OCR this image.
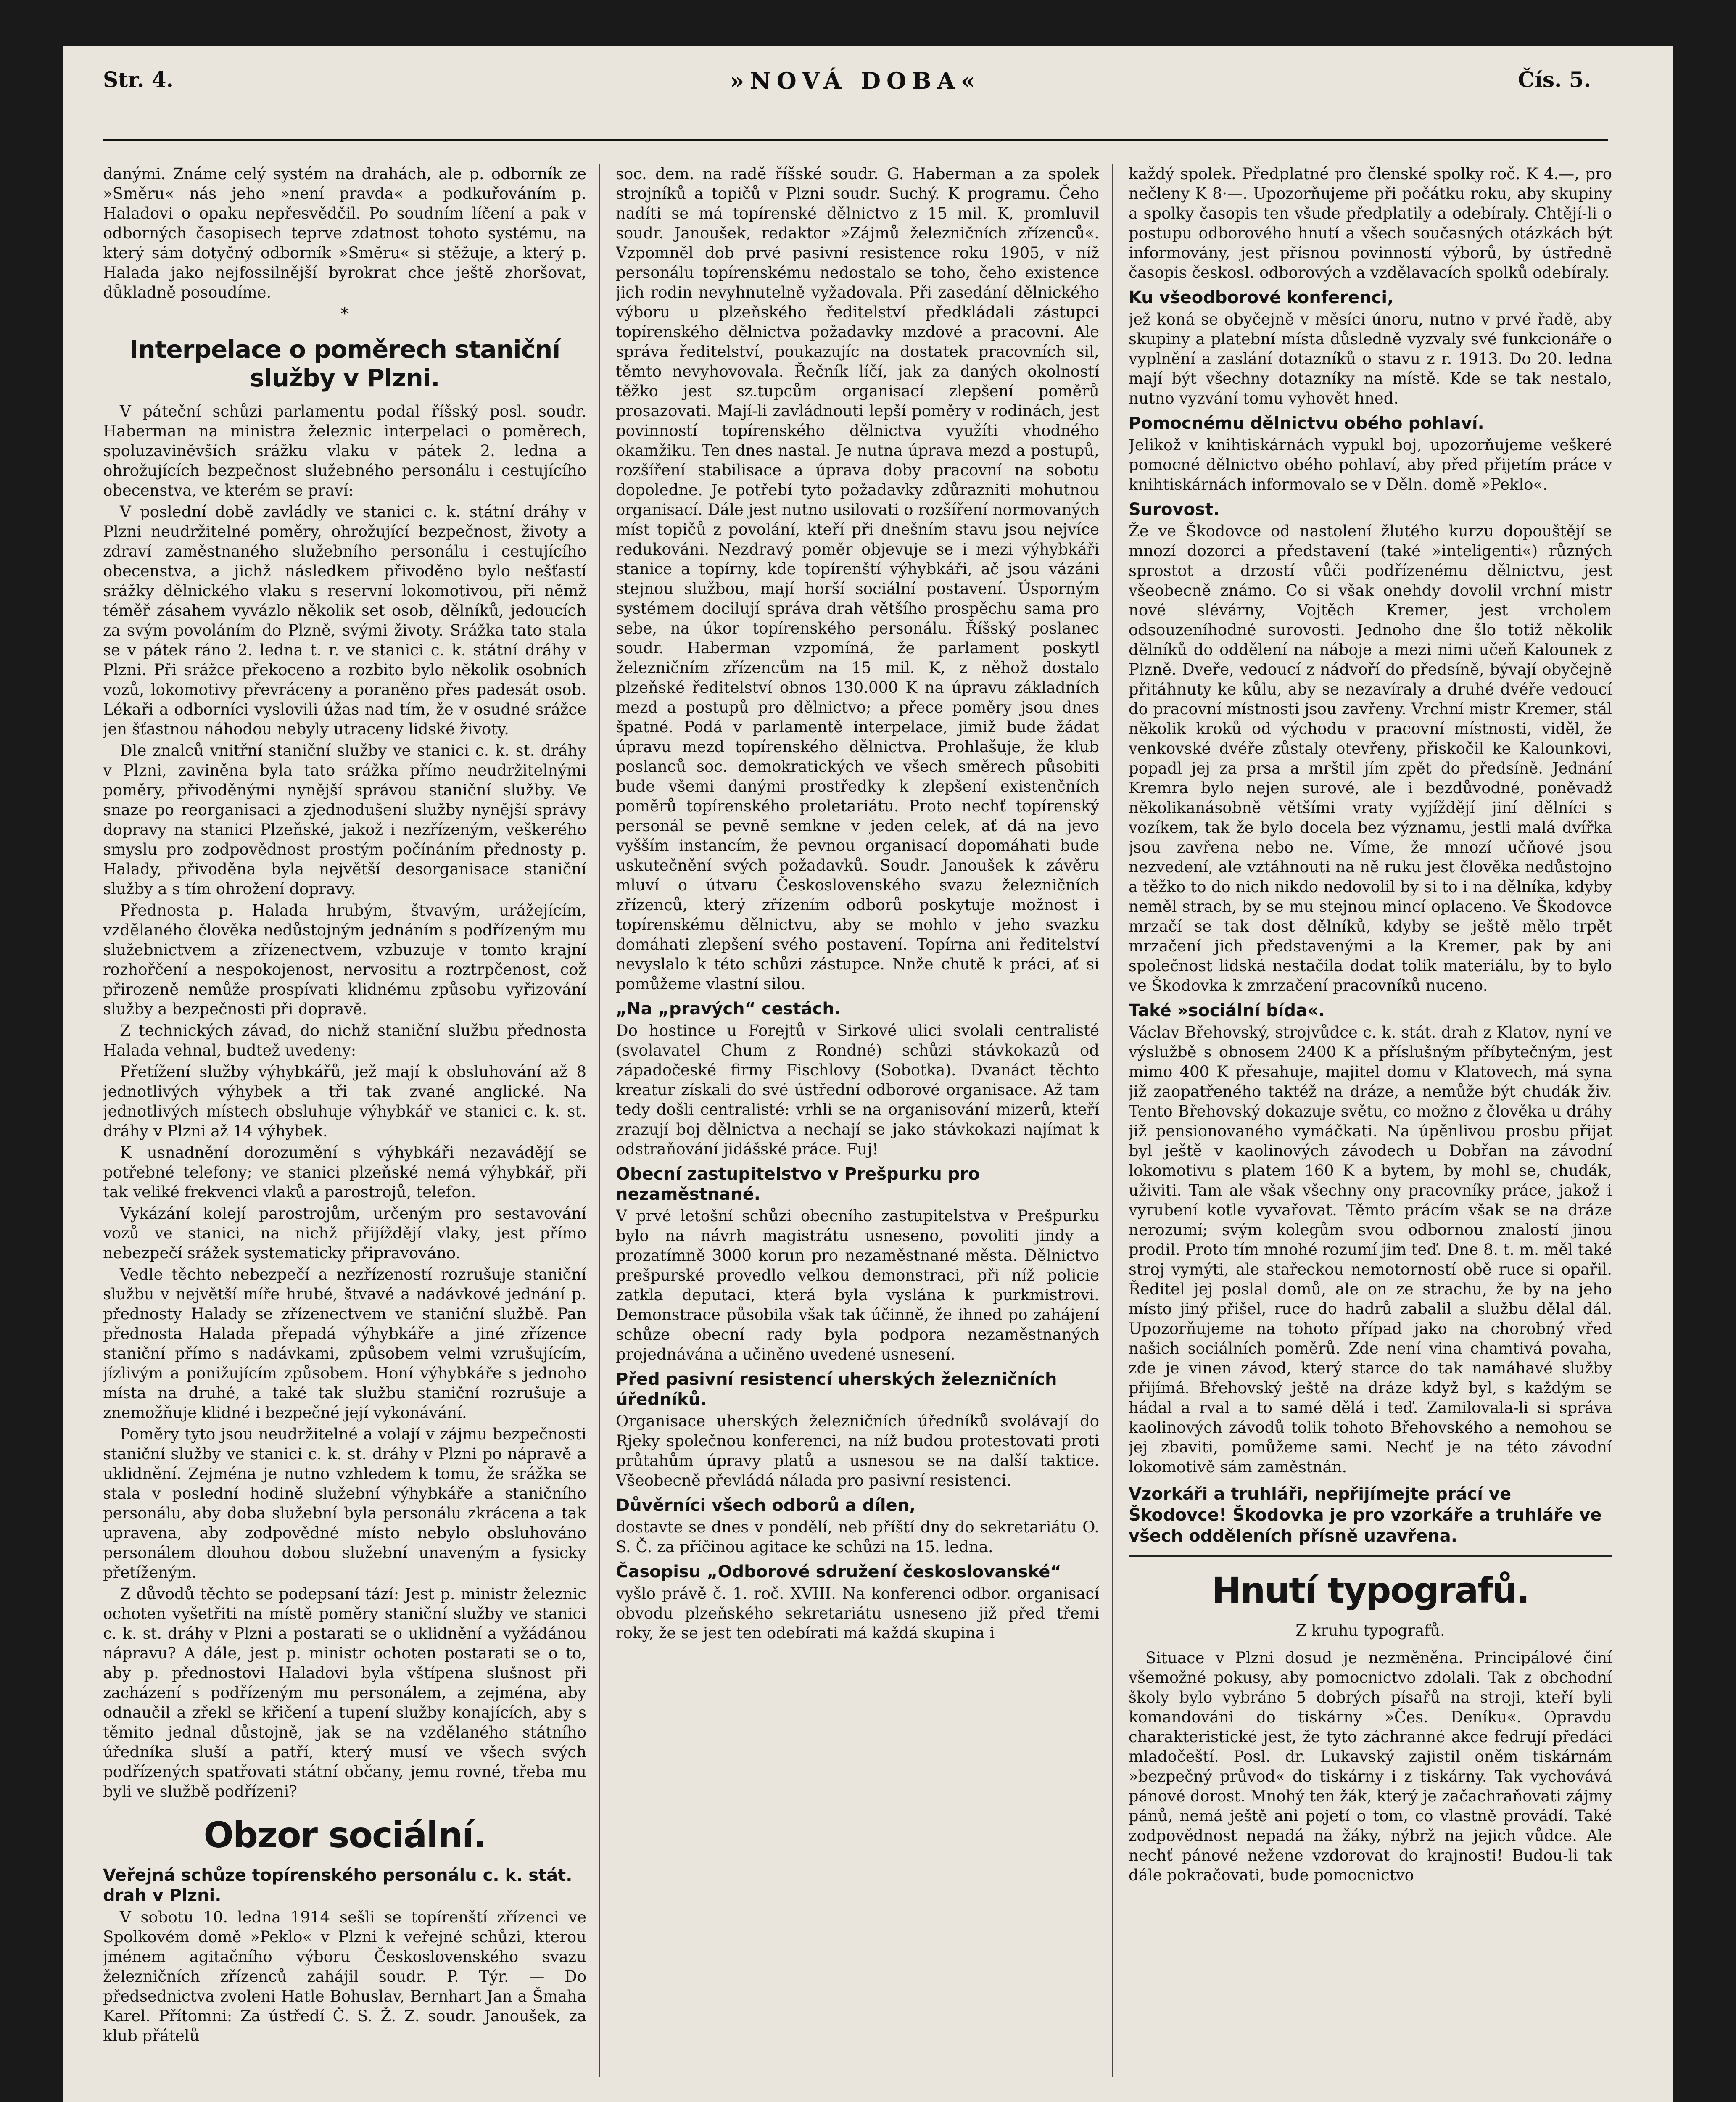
Str. 4.	»NOVÁ DOBA«	Čís. 5.

danými. Známe celý systém na drahách, ale p. odborník ze »Směru« nás jeho »není pravda« a podkuřováním p. Haladovi o opaku nepřesvědčil. Po soudním líčení a pak v odborných časopisech teprve zdatnost tohoto systému, na který sám dotyčný odborník »Směru« si stěžuje, a který p. Halada jako nejfossilnější byrokrat chce ještě zhoršovat, důkladně posoudíme.

*
Interpelace o poměrech staniční služby v Plzni.

V páteční schůzi parlamentu podal říšský posl. soudr. Haberman na ministra železnic interpelaci o poměrech, spoluzaviněvších srážku vlaku v pátek 2. ledna a ohrožujících bezpečnost služebného personálu i cestujícího obecenstva, ve kterém se praví:

V poslední době zavládly ve stanici c. k. státní dráhy v Plzni neudržitelné poměry, ohrožující bezpečnost, životy a zdraví zaměstnaného služebního personálu i cestujícího obecenstva, a jichž následkem přivoděno bylo nešťastí srážky dělnického vlaku s reservní lokomotivou, při němž téměř zásahem vyvázlo několik set osob, dělníků, jedoucích za svým povoláním do Plzně, svými životy. Srážka tato stala se v pátek ráno 2. ledna t. r. ve stanici c. k. státní dráhy v Plzni. Při srážce překoceno a rozbito bylo několik osobních vozů, lokomotivy převráceny a poraněno přes padesát osob. Lékaři a odborníci vyslovili úžas nad tím, že v osudné srážce jen šťastnou náhodou nebyly utraceny lidské životy.

Dle znalců vnitřní staniční služby ve stanici c. k. st. dráhy v Plzni, zaviněna byla tato srážka přímo neudržitelnými poměry, přivoděnými nynější správou staniční služby. Ve snaze po reorganisaci a zjednodušení služby nynější správy dopravy na stanici Plzeňské, jakož i nezřízeným, veškerého smyslu pro zodpovědnost prostým počínáním přednosty p. Halady, přivoděna byla největší desorganisace staniční služby a s tím ohrožení dopravy.

Přednosta p. Halada hrubým, štvavým, urážejícím, vzdělaného člověka nedůstojným jednáním s podřízeným mu služebnictvem a zřízenectvem, vzbuzuje v tomto krajní rozhořčení a nespokojenost, nervositu a roztrpčenost, což přirozeně nemůže prospívati klidnému způsobu vyřizování služby a bezpečnosti při dopravě.

Z technických závad, do nichž staniční službu přednosta Halada vehnal, budtež uvedeny:

Přetížení služby výhybkářů, jež mají k obsluhování až 8 jednotlivých výhybek a tři tak zvané anglické. Na jednotlivých místech obsluhuje výhybkář ve stanici c. k. st. dráhy v Plzni až 14 výhybek.

K usnadnění dorozumění s výhybkáři nezavádějí se potřebné telefony; ve stanici plzeňské nemá výhybkář, při tak veliké frekvenci vlaků a parostrojů, telefon.

Vykázání kolejí parostrojům, určeným pro sestavování vozů ve stanici, na nichž přijíždějí vlaky, jest přímo nebezpečí srážek systematicky připravováno.

Vedle těchto nebezpečí a nezřízeností rozrušuje staniční službu v největší míře hrubé, štvavé a nadávkové jednání p. přednosty Halady se zřízenectvem ve staniční službě. Pan přednosta Halada přepadá výhybkáře a jiné zřízence staniční přímo s nadávkami, způsobem velmi vzrušujícím, jízlivým a ponižujícím způsobem. Honí výhybkáře s jednoho místa na druhé, a také tak službu staniční rozrušuje a znemožňuje klidné i bezpečné její vykonávání.

Poměry tyto jsou neudržitelné a volají v zájmu bezpečnosti staniční služby ve stanici c. k. st. dráhy v Plzni po nápravě a uklidnění. Zejména je nutno vzhledem k tomu, že srážka se stala v poslední hodině služební výhybkáře a staničního personálu, aby doba služební byla personálu zkrácena a tak upravena, aby zodpovědné místo nebylo obsluhováno personálem dlouhou dobou služební unaveným a fysicky přetíženým.

Z důvodů těchto se podepsaní tází: Jest p. ministr železnic ochoten vyšetřiti na místě poměry staniční služby ve stanici c. k. st. dráhy v Plzni a postarati se o uklidnění a vyžádánou nápravu? A dále, jest p. ministr ochoten postarati se o to, aby p. přednostovi Haladovi byla vštípena slušnost při zacházení s podřízeným mu personálem, a zejména, aby odnaučil a zřekl se křičení a tupení služby konajících, aby s těmito jednal důstojně, jak se na vzdělaného státního úředníka sluší a patří, který musí ve všech svých podřízených spatřovati státní občany, jemu rovné, třeba mu byli ve službě podřízeni?

Obzor sociální.
Veřejná schůze topírenského personálu c. k. stát. drah v Plzni.

V sobotu 10. ledna 1914 sešli se topírenští zřízenci ve Spolkovém domě »Peklo« v Plzni k veřejné schůzi, kterou jménem agitačního výboru Československého svazu železničních zřízenců zahájil soudr. P. Týr. — Do předsednictva zvoleni Hatle Bohuslav, Bernhart Jan a Šmaha Karel. Přítomni: Za ústředí Č. S. Ž. Z. soudr. Janoušek, za klub přátelů

soc. dem. na radě říšské soudr. G. Haberman a za spolek strojníků a topičů v Plzni soudr. Suchý. K programu. Čeho nadíti se má topírenské dělnictvo z 15 mil. K, promluvil soudr. Janoušek, redaktor »Zájmů železničních zřízenců«. Vzpomněl dob prvé pasivní resistence roku 1905, v níž personálu topírenskému nedostalo se toho, čeho existence jich rodin nevyhnutelně vyžadovala. Při zasedání dělnického výboru u plzeňského ředitelství předkládali zástupci topírenského dělnictva požadavky mzdové a pracovní. Ale správa ředitelství, poukazujíc na dostatek pracovních sil, těmto nevyhovovala. Řečník líčí, jak za daných okolností těžko jest sz.tupcům organisací zlepšení poměrů prosazovati. Mají-li zavládnouti lepší poměry v rodinách, jest povinností topírenského dělnictva využíti vhodného okamžiku. Ten dnes nastal. Je nutna úprava mezd a postupů, rozšíření stabilisace a úprava doby pracovní na sobotu dopoledne. Je potřebí tyto požadavky zdůrazniti mohutnou organisací. Dále jest nutno usilovati o rozšíření normovaných míst topičů z povolání, kteří při dnešním stavu jsou nejvíce redukováni. Nezdravý poměr objevuje se i mezi výhybkáři stanice a topírny, kde topírenští výhybkáři, ač jsou vázáni stejnou službou, mají horší sociální postavení. Úsporným systémem docilují správa drah většího prospěchu sama pro sebe, na úkor topírenského personálu. Říšský poslanec soudr. Haberman vzpomíná, že parlament poskytl železničním zřízencům na 15 mil. K, z něhož dostalo plzeňské ředitelství obnos 130.000 K na úpravu základních mezd a postupů pro dělnictvo; a přece poměry jsou dnes špatné. Podá v parlamentě interpelace, jimiž bude žádat úpravu mezd topírenského dělnictva. Prohlašuje, že klub poslanců soc. demokratických ve všech směrech působiti bude všemi danými prostředky k zlepšení existenčních poměrů topírenského proletariátu. Proto nechť topírenský personál se pevně semkne v jeden celek, ať dá na jevo vyšším instancím, že pevnou organisací dopomáhati bude uskutečnění svých požadavků. Soudr. Janoušek k závěru mluví o útvaru Československého svazu železničních zřízenců, který zřízením odborů poskytuje možnost i topírenskému dělnictvu, aby se mohlo v jeho svazku domáhati zlepšení svého postavení. Topírna ani ředitelství nevyslalo k této schůzi zástupce. Nnže chutě k práci, ať si pomůžeme vlastní silou.

„Na „pravých“ cestách.

Do hostince u Forejtů v Sirkové ulici svolali centralisté (svolavatel Chum z Rondné) schůzi stávkokazů od západočeské firmy Fischlovy (Sobotka). Dvanáct těchto kreatur získali do své ústřední odborové organisace. Až tam tedy došli centralisté: vrhli se na organisování mizerů, kteří zrazují boj dělnictva a nechají se jako stávkokazi najímat k odstraňování jidášské práce. Fuj!

Obecní zastupitelstvo v Prešpurku pro nezaměstnané.

V prvé letošní schůzi obecního zastupitelstva v Prešpurku bylo na návrh magistrátu usneseno, povoliti jindy a prozatímně 3000 korun pro nezaměstnané města. Dělnictvo prešpurské provedlo velkou demonstraci, při níž policie zatkla deputaci, která byla vyslána k purkmistrovi. Demonstrace působila však tak účinně, že ihned po zahájení schůze obecní rady byla podpora nezaměstnaných projednávána a učiněno uvedené usnesení.

Před pasivní resistencí uherských železničních úředníků.

Organisace uherských železničních úředníků svolávají do Rjeky společnou konferenci, na níž budou protestovati proti průtahům úpravy platů a usnesou se na další taktice. Všeobecně převládá nálada pro pasivní resistenci.

Důvěrníci všech odborů a dílen,

dostavte se dnes v pondělí, neb příští dny do sekretariátu O. S. Č. za příčinou agitace ke schůzi na 15. ledna.

Časopisu „Odborové sdružení českoslovanské“

vyšlo právě č. 1. roč. XVIII. Na konferenci odbor. organisací obvodu plzeňského sekretariátu usneseno již před třemi roky, že se jest ten odebírati má každá skupina i

každý spolek. Předplatné pro členské spolky roč. K 4.—, pro nečleny K 8·—. Upozorňujeme při počátku roku, aby skupiny a spolky časopis ten všude předplatily a odebíraly. Chtějí-li o postupu odborového hnutí a všech současných otázkách být informovány, jest přísnou povinností výborů, by ústředně časopis českosl. odborových a vzdělavacích spolků odebíraly.

Ku všeodborové konferenci,

jež koná se obyčejně v měsíci únoru, nutno v prvé řadě, aby skupiny a platební místa důsledně vyzvaly své funkcionáře o vyplnění a zaslání dotazníků o stavu z r. 1913. Do 20. ledna mají být všechny dotazníky na místě. Kde se tak nestalo, nutno vyzvání tomu vyhovět hned.

Pomocnému dělnictvu obého pohlaví.

Jelikož v knihtiskárnách vypukl boj, upozorňujeme veškeré pomocné dělnictvo obého pohlaví, aby před přijetím práce v knihtiskárnách informovalo se v Děln. domě »Peklo«.

Surovost.

Že ve Škodovce od nastolení žlutého kurzu dopouštějí se mnozí dozorci a představení (také »inteligenti«) různých sprostot a drzostí vůči podřízenému dělnictvu, jest všeobecně známo. Co si však onehdy dovolil vrchní mistr nové slévárny, Vojtěch Kremer, jest vrcholem odsouzeníhodné surovosti. Jednoho dne šlo totiž několik dělníků do oddělení na náboje a mezi nimi učeň Kalounek z Plzně. Dveře, vedoucí z nádvoří do předsíně, bývají obyčejně přitáhnuty ke kůlu, aby se nezavíraly a druhé dvéře vedoucí do pracovní místnosti jsou zavřeny. Vrchní mistr Kremer, stál několik kroků od východu v pracovní místnosti, viděl, že venkovské dvéře zůstaly otevřeny, přiskočil ke Kalounkovi, popadl jej za prsa a mrštil jím zpět do předsíně. Jednání Kremra bylo nejen surové, ale i bezdůvodné, poněvadž několikanásobně většími vraty vyjíždějí jiní dělníci s vozíkem, tak že bylo docela bez významu, jestli malá dvířka jsou zavřena nebo ne. Víme, že mnozí učňové jsou nezvedení, ale vztáhnouti na ně ruku jest člověka nedůstojno a těžko to do nich nikdo nedovolil by si to i na dělníka, kdyby neměl strach, by se mu stejnou mincí oplaceno. Ve Škodovce mrzačí se tak dost dělníků, kdyby se ještě mělo trpět mrzačení jich představenými a la Kremer, pak by ani společnost lidská nestačila dodat tolik materiálu, by to bylo ve Škodovka k zmrzačení pracovníků nuceno.

Také »sociální bída«.

Václav Břehovský, strojvůdce c. k. stát. drah z Klatov, nyní ve výslužbě s obnosem 2400 K a příslušným příbytečným, jest mimo 400 K přesahuje, majitel domu v Klatovech, má syna již zaopatřeného taktéž na dráze, a nemůže být chudák živ. Tento Břehovský dokazuje světu, co možno z člověka u dráhy již pensionovaného vymáčkati. Na úpěnlivou prosbu přijat byl ještě v kaolinových závodech u Dobřan na závodní lokomotivu s platem 160 K a bytem, by mohl se, chudák, uživiti. Tam ale však všechny ony pracovníky práce, jakož i vyrubení kotle vyvařovat. Těmto prácím však se na dráze nerozumí; svým kolegům svou odbornou znalostí jinou prodil. Proto tím mnohé rozumí jim teď. Dne 8. t. m. měl také stroj vymýti, ale stařeckou nemotorností obě ruce si opařil. Ředitel jej poslal domů, ale on ze strachu, že by na jeho místo jiný přišel, ruce do hadrů zabalil a službu dělal dál. Upozorňujeme na tohoto případ jako na chorobný vřed našich sociálních poměrů. Zde není vina chamtivá povaha, zde je vinen závod, který starce do tak namáhavé služby přijímá. Břehovský ještě na dráze když byl, s každým se hádal a rval a to samé dělá i teď. Zamilovala-li si správa kaolinových závodů tolik tohoto Břehovského a nemohou se jej zbaviti, pomůžeme sami. Nechť je na této závodní lokomotivě sám zaměstnán.

Vzorkáři a truhláři, nepřijímejte prácí ve Škodovce! Škodovka je pro vzorkáře a truhláře ve všech odděleních přísně uzavřena.
Hnutí typografů.
Z kruhu typografů.

Situace v Plzni dosud je nezměněna. Principálové činí všemožné pokusy, aby pomocnictvo zdolali. Tak z obchodní školy bylo vybráno 5 dobrých písařů na stroji, kteří byli komandováni do tiskárny »Čes. Deníku«. Opravdu charakteristické jest, že tyto záchranné akce fedrují předáci mladočeští. Posl. dr. Lukavský zajistil oněm tiskárnám »bezpečný průvod« do tiskárny i z tiskárny. Tak vychovává pánové dorost. Mnohý ten žák, který je začachraňovati zájmy pánů, nemá ještě ani pojetí o tom, co vlastně provádí. Také zodpovědnost nepadá na žáky, nýbrž na jejich vůdce. Ale nechť pánové nežene vzdorovat do krajnosti! Budou-li tak dále pokračovati, bude pomocnictvo
